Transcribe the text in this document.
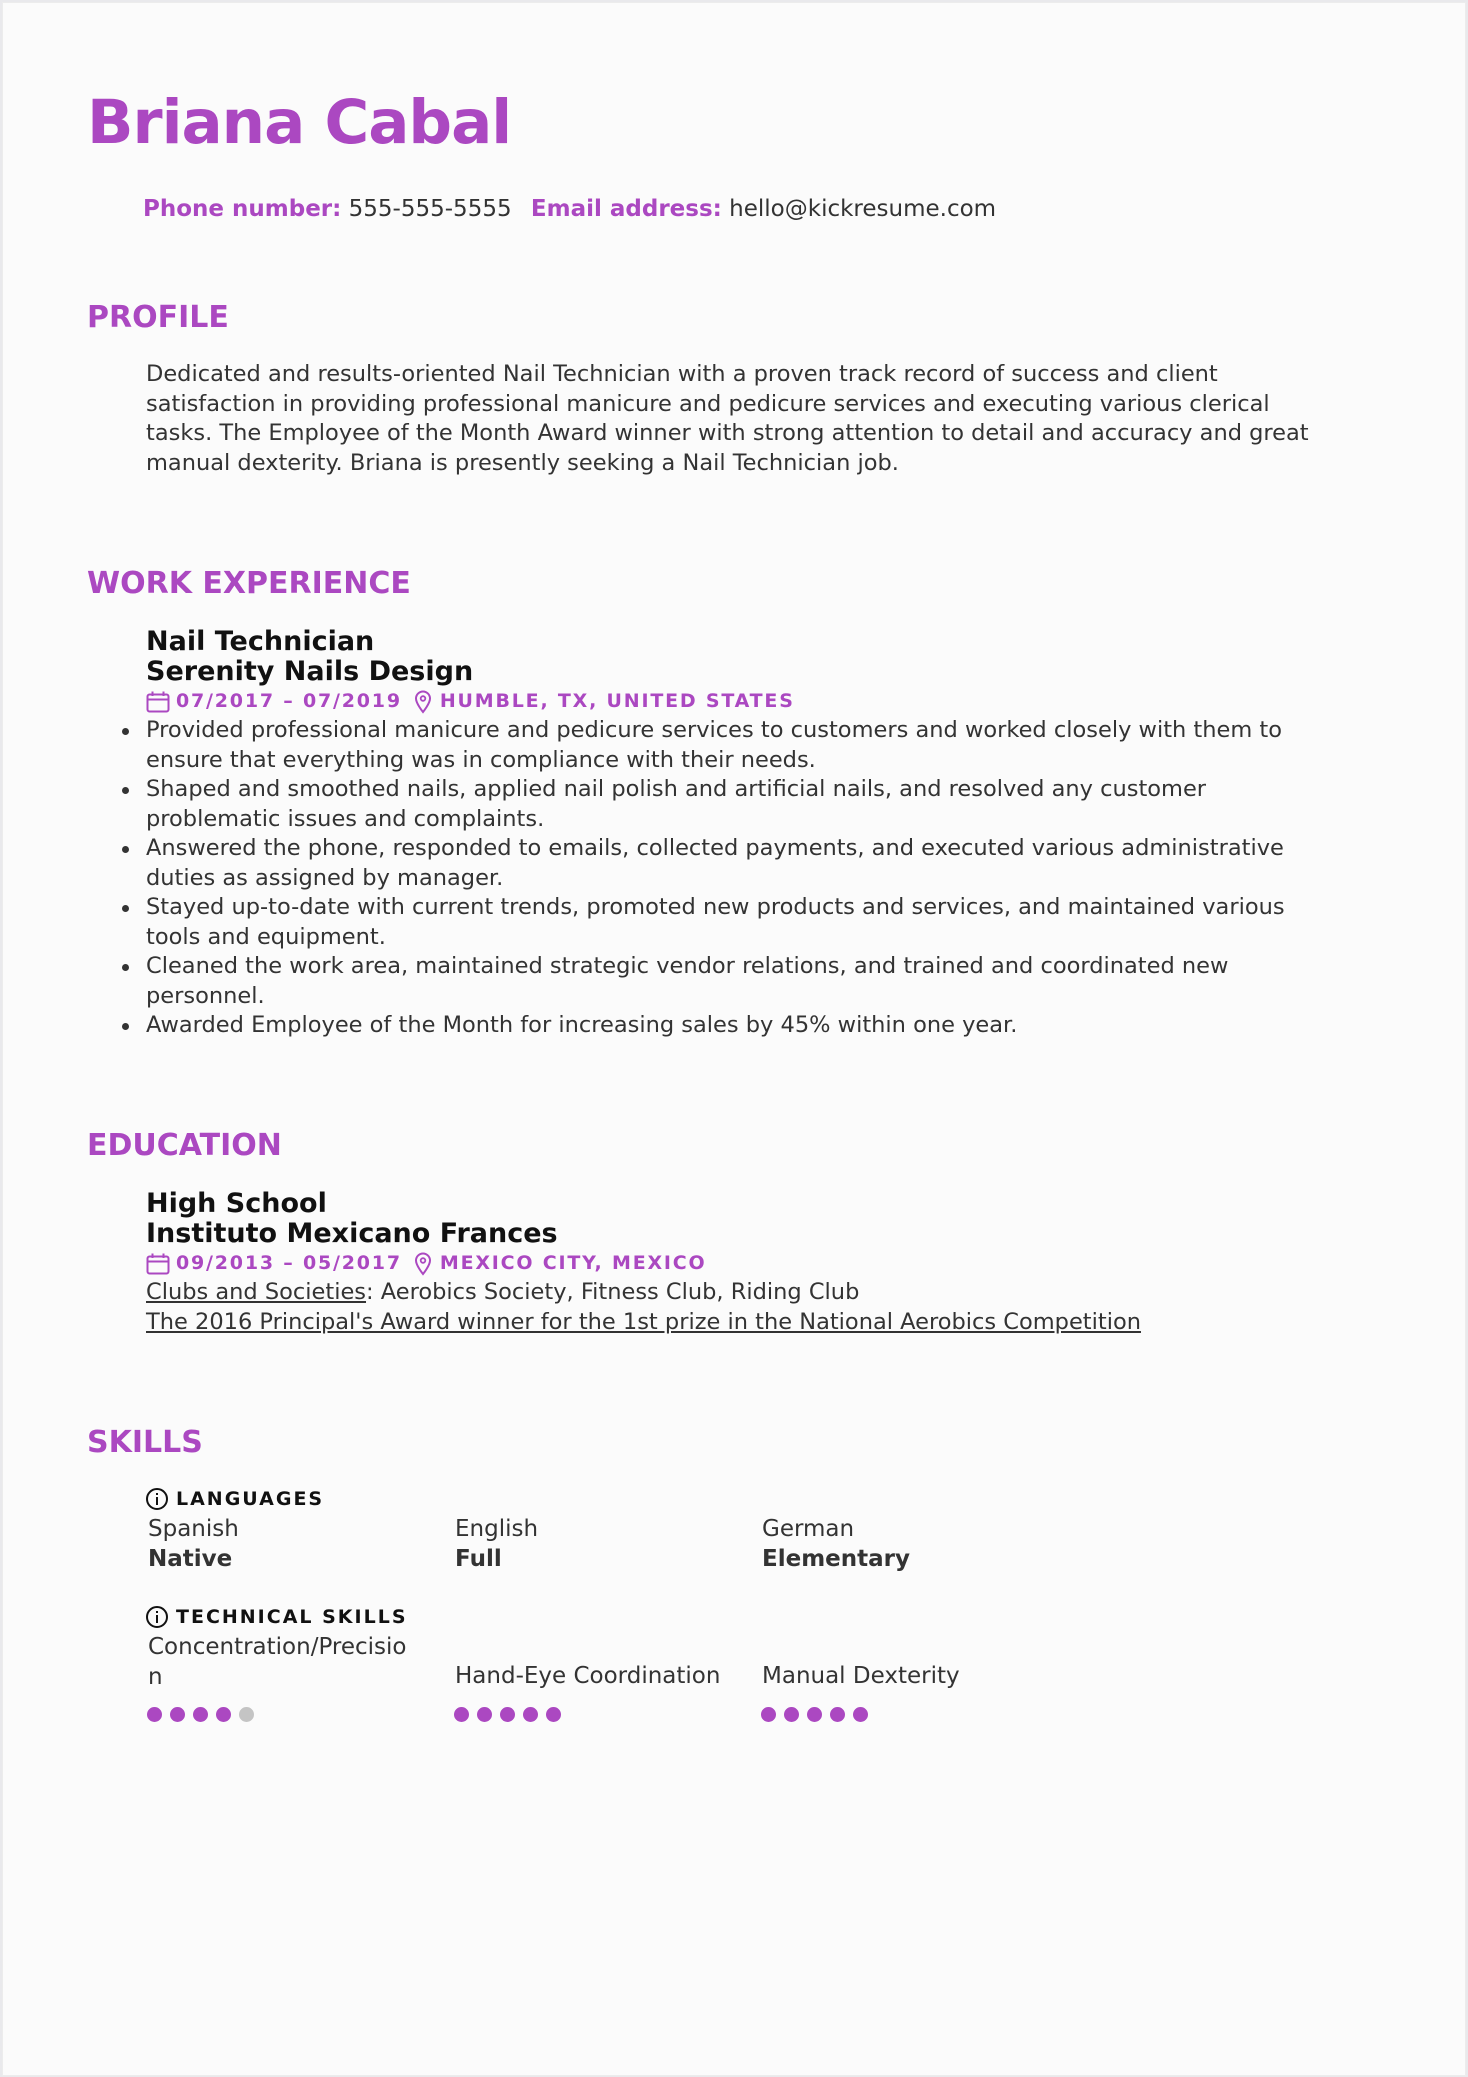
Briana Cabal
Phone number: 555-555-5555 Email address: hello@kickresume.com
PROFILE

Dedicated and results-oriented Nail Technician with a proven track record of success and client

satisfaction in providing professional manicure and pedicure services and executing various clerical

tasks. The Employee of the Month Award winner with strong attention to detail and accuracy and great

manual dexterity. Briana is presently seeking a Nail Technician job.

WORK EXPERIENCE

Nail Technician

Serenity Nails Design

07/2017 – 07/2019 HUMBLE, TX, UNITED STATES
Provided professional manicure and pedicure services to customers and worked closely with them to
ensure that everything was in compliance with their needs.
Shaped and smoothed nails, applied nail polish and artificial nails, and resolved any customer
problematic issues and complaints.
Answered the phone, responded to emails, collected payments, and executed various administrative
duties as assigned by manager.
Stayed up-to-date with current trends, promoted new products and services, and maintained various
tools and equipment.
Cleaned the work area, maintained strategic vendor relations, and trained and coordinated new
personnel.
Awarded Employee of the Month for increasing sales by 45% within one year.
EDUCATION

High School

Instituto Mexicano Frances

09/2013 – 05/2017 MEXICO CITY, MEXICO
Clubs and Societies: Aerobics Society, Fitness Club, Riding Club
The 2016 Principal's Award winner for the 1st prize in the National Aerobics Competition
SKILLS
LANGUAGES
Spanish
Native
English
Full
German
Elementary
TECHNICAL SKILLS
Concentration/Precisio
n	Hand-Eye Coordination	Manual Dexterity
